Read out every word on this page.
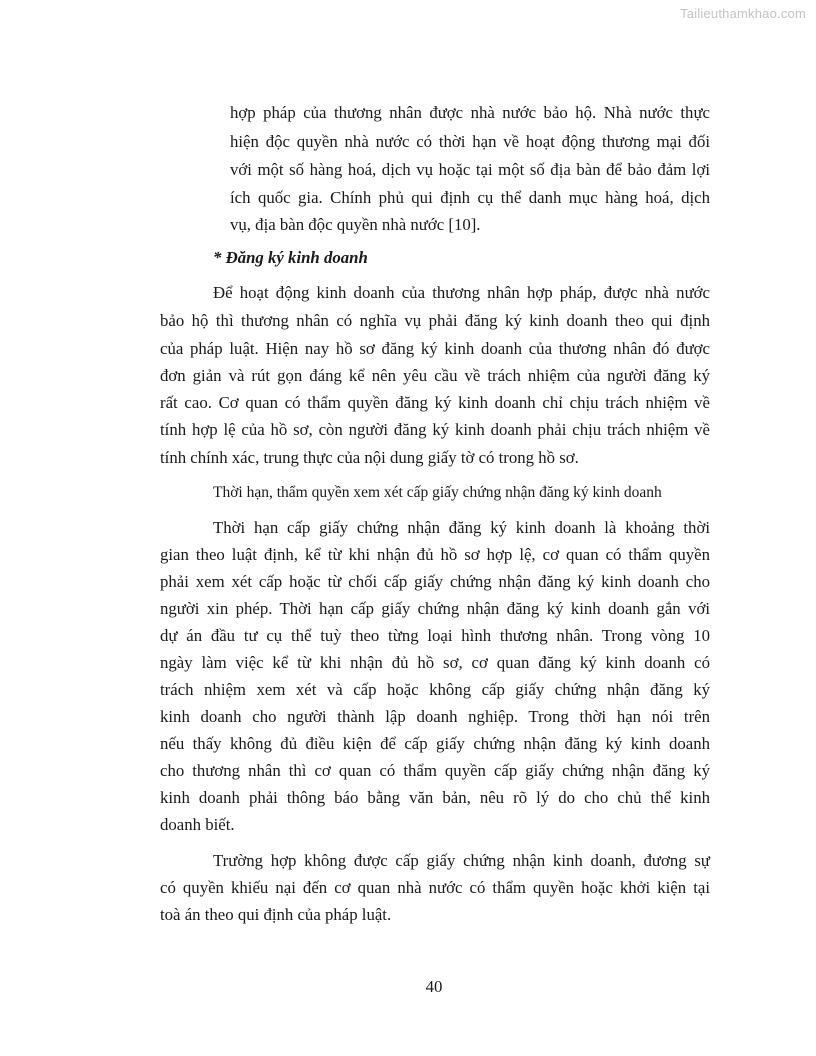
Tailieuthamkhao.com
hợp pháp của thương nhân được nhà nước bảo hộ. Nhà nước thực
hiện độc quyền nhà nước có thời hạn về hoạt động thương mại đối
với một số hàng hoá, dịch vụ hoặc tại một số địa bàn để bảo đảm lợi
ích quốc gia. Chính phủ qui định cụ thể danh mục hàng hoá, dịch
vụ, địa bàn độc quyền nhà nước [10].
* Đăng ký kinh doanh
Để hoạt động kinh doanh của thương nhân hợp pháp, được nhà nước
bảo hộ thì thương nhân có nghĩa vụ phải đăng ký kinh doanh theo qui định
của pháp luật. Hiện nay hồ sơ đăng ký kinh doanh của thương nhân đó được
đơn giản và rút gọn đáng kể nên yêu cầu về trách nhiệm của người đăng ký
rất cao. Cơ quan có thẩm quyền đăng ký kinh doanh chỉ chịu trách nhiệm về
tính hợp lệ của hồ sơ, còn người đăng ký kinh doanh phải chịu trách nhiệm về
tính chính xác, trung thực của nội dung giấy tờ có trong hồ sơ.
Thời hạn, thẩm quyền xem xét cấp giấy chứng nhận đăng ký kinh doanh
Thời hạn cấp giấy chứng nhận đăng ký kinh doanh là khoảng thời
gian theo luật định, kể từ khi nhận đủ hồ sơ hợp lệ, cơ quan có thẩm quyền
phải xem xét cấp hoặc từ chối cấp giấy chứng nhận đăng ký kinh doanh cho
người xin phép. Thời hạn cấp giấy chứng nhận đăng ký kinh doanh gắn với
dự án đầu tư cụ thể tuỳ theo từng loại hình thương nhân. Trong vòng 10
ngày làm việc kể từ khi nhận đủ hồ sơ, cơ quan đăng ký kinh doanh có
trách nhiệm xem xét và cấp hoặc không cấp giấy chứng nhận đăng ký
kinh doanh cho người thành lập doanh nghiệp. Trong thời hạn nói trên
nếu thấy không đủ điều kiện để cấp giấy chứng nhận đăng ký kinh doanh
cho thương nhân thì cơ quan có thẩm quyền cấp giấy chứng nhận đăng ký
kinh doanh phải thông báo bằng văn bản, nêu rõ lý do cho chủ thể kinh
doanh biết.
Trường hợp không được cấp giấy chứng nhận kinh doanh, đương sự
có quyền khiếu nại đến cơ quan nhà nước có thẩm quyền hoặc khởi kiện tại
toà án theo qui định của pháp luật.
40
